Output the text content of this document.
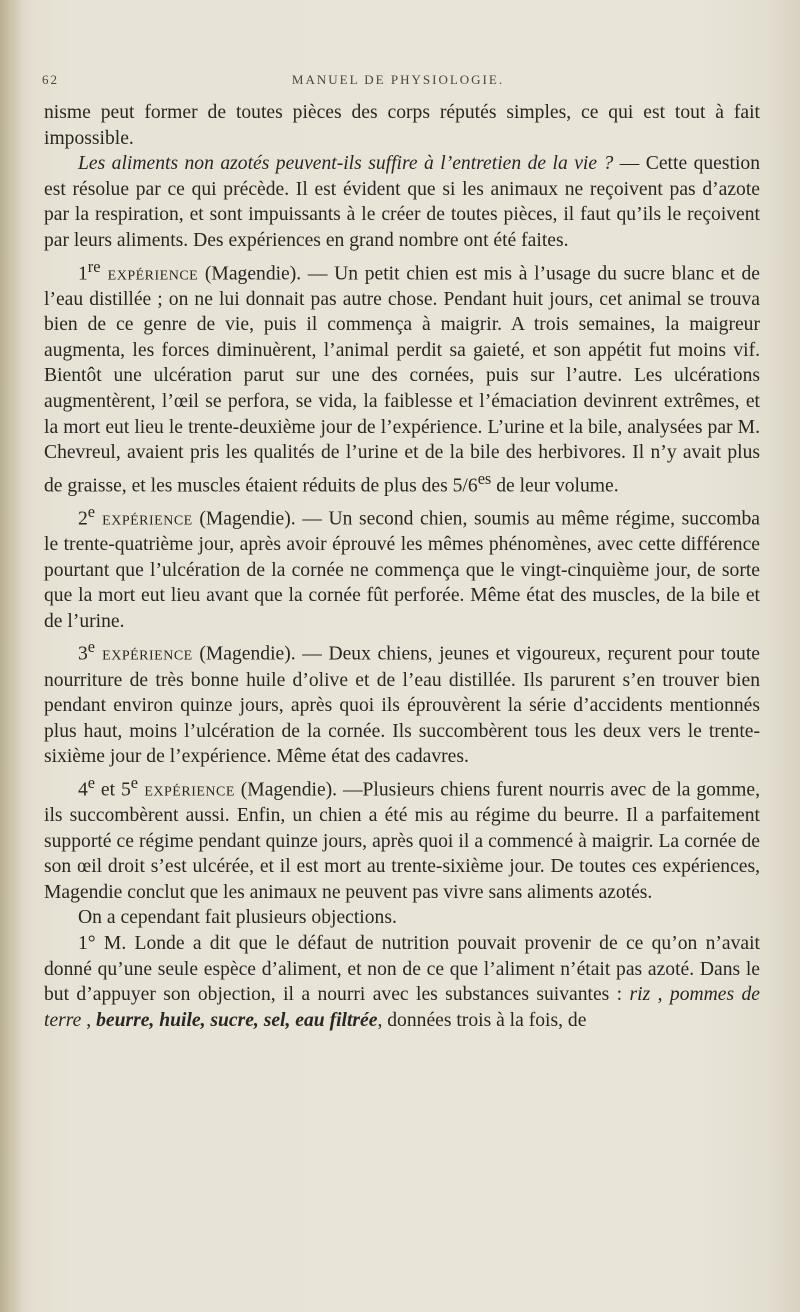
62	MANUEL DE PHYSIOLOGIE.

nisme peut former de toutes pièces des corps réputés simples, ce qui est tout à fait impossible.

Les aliments non azotés peuvent-ils suffire à l’entretien de la vie ? — Cette question est résolue par ce qui précède. Il est évident que si les animaux ne reçoivent pas d’azote par la respiration, et sont impuissants à le créer de toutes pièces, il faut qu’ils le reçoivent par leurs aliments. Des expériences en grand nombre ont été faites.

1re expérience (Magendie). — Un petit chien est mis à l’usage du sucre blanc et de l’eau distillée ; on ne lui donnait pas autre chose. Pendant huit jours, cet animal se trouva bien de ce genre de vie, puis il commença à maigrir. A trois semaines, la maigreur augmenta, les forces diminuèrent, l’animal perdit sa gaieté, et son appétit fut moins vif. Bientôt une ulcération parut sur une des cornées, puis sur l’autre. Les ulcérations augmentèrent, l’œil se perfora, se vida, la faiblesse et l’émaciation devinrent extrêmes, et la mort eut lieu le trente-deuxième jour de l’expérience. L’urine et la bile, analysées par M. Chevreul, avaient pris les qualités de l’urine et de la bile des herbivores. Il n’y avait plus de graisse, et les muscles étaient réduits de plus des $5/6^{es}$ de leur volume.

2e expérience (Magendie). — Un second chien, soumis au même régime, succomba le trente-quatrième jour, après avoir éprouvé les mêmes phénomènes, avec cette différence pourtant que l’ulcération de la cornée ne commença que le vingt-cinquième jour, de sorte que la mort eut lieu avant que la cornée fût perforée. Même état des muscles, de la bile et de l’urine.

3e expérience (Magendie). — Deux chiens, jeunes et vigoureux, reçurent pour toute nourriture de très bonne huile d’olive et de l’eau distillée. Ils parurent s’en trouver bien pendant environ quinze jours, après quoi ils éprouvèrent la série d’accidents mentionnés plus haut, moins l’ulcération de la cornée. Ils succombèrent tous les deux vers le trente-sixième jour de l’expérience. Même état des cadavres.

4e et 5e expérience (Magendie). —Plusieurs chiens furent nourris avec de la gomme, ils succombèrent aussi. Enfin, un chien a été mis au régime du beurre. Il a parfaitement supporté ce régime pendant quinze jours, après quoi il a commencé à maigrir. La cornée de son œil droit s’est ulcérée, et il est mort au trente-sixième jour. De toutes ces expériences, Magendie conclut que les animaux ne peuvent pas vivre sans aliments azotés.

On a cependant fait plusieurs objections.

1° M. Londe a dit que le défaut de nutrition pouvait provenir de ce qu’on n’avait donné qu’une seule espèce d’aliment, et non de ce que l’aliment n’était pas azoté. Dans le but d’appuyer son objection, il a nourri avec les substances suivantes : riz , pommes de terre , beurre, huile, sucre, sel, eau filtrée, données trois à la fois, de
